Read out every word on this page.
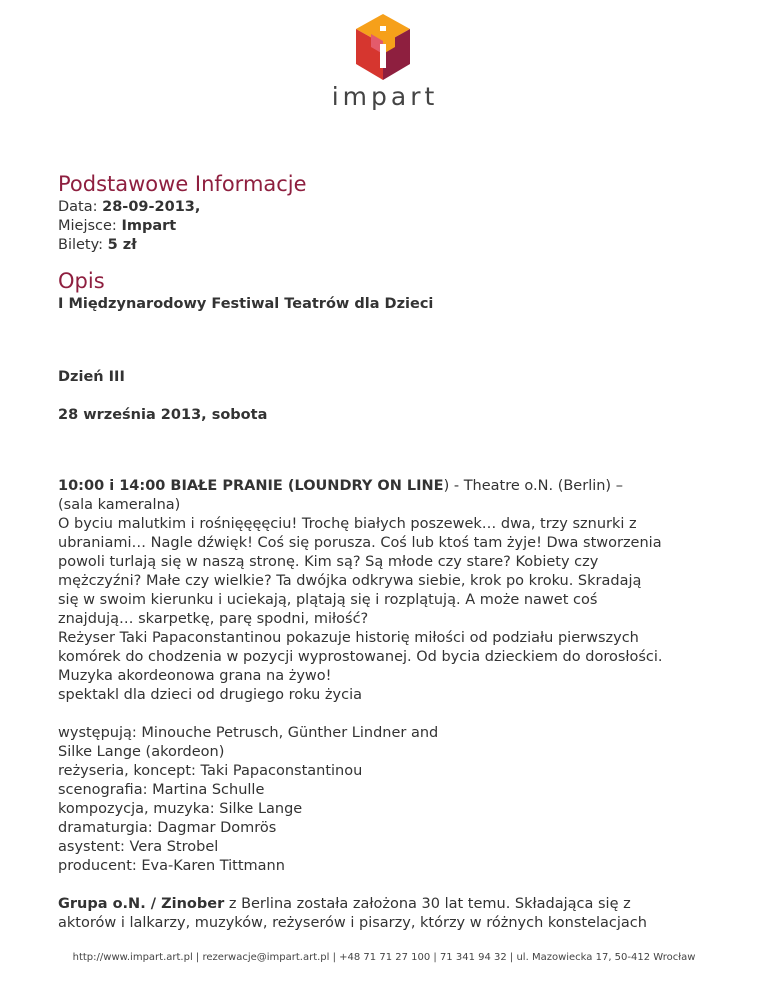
impart
Podstawowe Informacje

Data: 28-09-2013,

Miejsce: Impart

Bilety: 5 zł

Opis

I Międzynarodowy Festiwal Teatrów dla Dzieci

Dzień III

28 września 2013, sobota

10:00 i 14:00 BIAŁE PRANIE (LOUNDRY ON LINE) - Theatre o.N. (Berlin) –

(sala kameralna)

O byciu malutkim i rośnięęęęciu! Trochę białych poszewek… dwa, trzy sznurki z

ubraniami… Nagle dźwięk! Coś się porusza. Coś lub ktoś tam żyje! Dwa stworzenia

powoli turlają się w naszą stronę. Kim są? Są młode czy stare? Kobiety czy

mężczyźni? Małe czy wielkie? Ta dwójka odkrywa siebie, krok po kroku. Skradają

się w swoim kierunku i uciekają, plątają się i rozplątują. A może nawet coś

znajdują… skarpetkę, parę spodni, miłość?

Reżyser Taki Papaconstantinou pokazuje historię miłości od podziału pierwszych

komórek do chodzenia w pozycji wyprostowanej. Od bycia dzieckiem do dorosłości.

Muzyka akordeonowa grana na żywo!

spektakl dla dzieci od drugiego roku życia

występują: Minouche Petrusch, Günther Lindner and

Silke Lange (akordeon)

reżyseria, koncept: Taki Papaconstantinou

scenografia: Martina Schulle

kompozycja, muzyka: Silke Lange

dramaturgia: Dagmar Domrös

asystent: Vera Strobel

producent: Eva-Karen Tittmann

Grupa o.N. / Zinober z Berlina została założona 30 lat temu. Składająca się z

aktorów i lalkarzy, muzyków, reżyserów i pisarzy, którzy w różnych konstelacjach

http://www.impart.art.pl | rezerwacje@impart.art.pl | +48 71 71 27 100 | 71 341 94 32 | ul. Mazowiecka 17, 50-412 Wrocław
